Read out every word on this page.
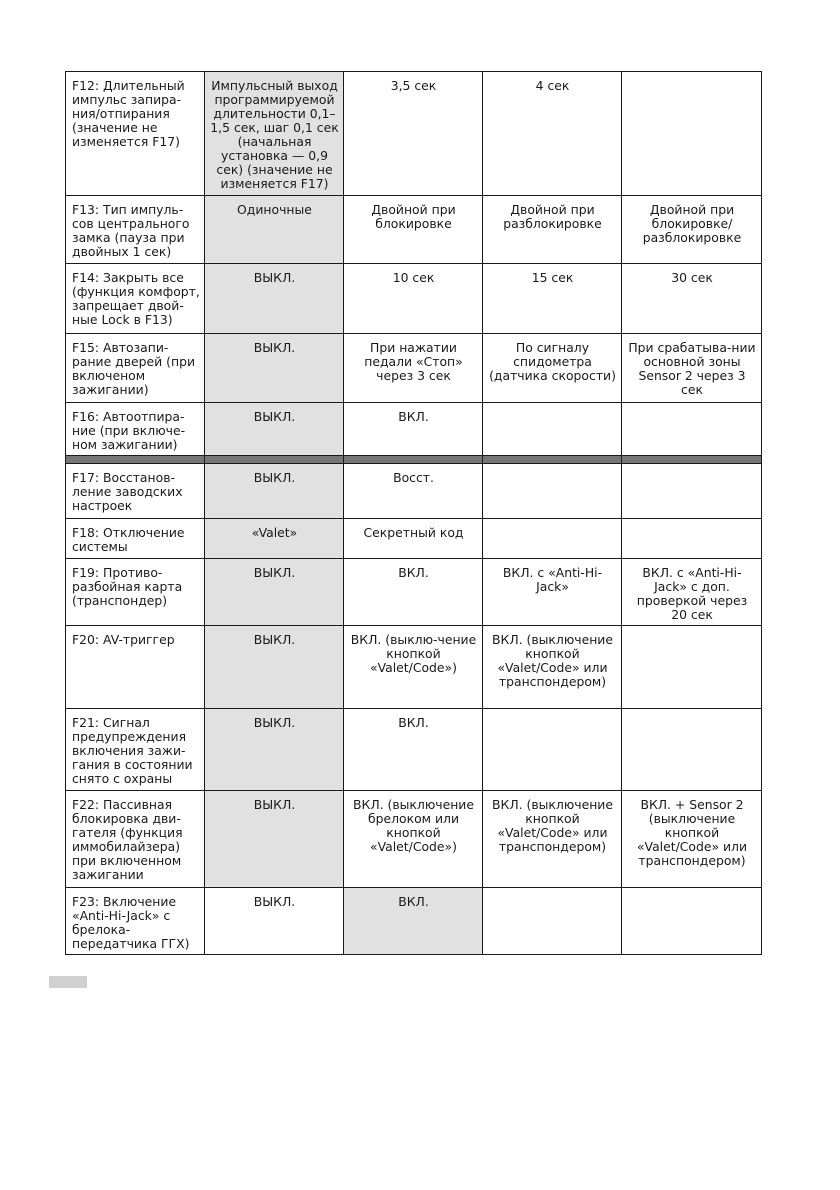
F12: Длительный импульс запира-ния/отпирания (значение не изменяется F17)	Импульсный выход программируемой длительности 0,1–1,5 сек, шаг 0,1 сек (начальная установка — 0,9 сек) (значение не изменяется F17)	3,5 сек	4 сек	
F13: Тип импуль-сов центрального замка (пауза при двойных 1 сек)	Одиночные	Двойной при блокировке	Двойной при разблокировке	Двойной при блокировке/ разблокировке
F14: Закрыть все (функция комфорт, запрещает двой-ные Lock в F13)	ВЫКЛ.	10 сек	15 сек	30 сек
F15: Автозапи-рание дверей (при включеном зажигании)	ВЫКЛ.	При нажатии педали «Стоп» через 3 сек	По сигналу спидометра (датчика скорости)	При срабатыва-нии основной зоны Sensor 2 через 3 сек
F16: Автоотпира-ние (при включе-ном зажигании)	ВЫКЛ.	ВКЛ.		

F17: Восстанов-ление заводских настроек	ВЫКЛ.	Восст.		
F18: Отключение системы	«Valet»	Секретный код		
F19: Противо-разбойная карта (транспондер)	ВЫКЛ.	ВКЛ.	ВКЛ. с «Anti-Hi-Jack»	ВКЛ. с «Anti-Hi-Jack» с доп. проверкой через 20 сек
F20: AV-триггер	ВЫКЛ.	ВКЛ. (выклю-чение кнопкой «Valet/Code»)	ВКЛ. (выключение кнопкой «Valet/Code» или транспондером)	
F21: Сигнал предупреждения включения зажи-гания в состоянии снято с охраны	ВЫКЛ.	ВКЛ.		
F22: Пассивная блокировка дви-гателя (функция иммобилайзера) при включенном зажигании	ВЫКЛ.	ВКЛ. (выключение брелоком или кнопкой «Valet/Code»)	ВКЛ. (выключение кнопкой «Valet/Code» или транспондером)	ВКЛ. + Sensor 2 (выключение кнопкой «Valet/Code» или транспондером)
F23: Включение «Anti-Hi-Jack» с брелока-передатчика ГГХ)	ВЫКЛ.	ВКЛ.		
